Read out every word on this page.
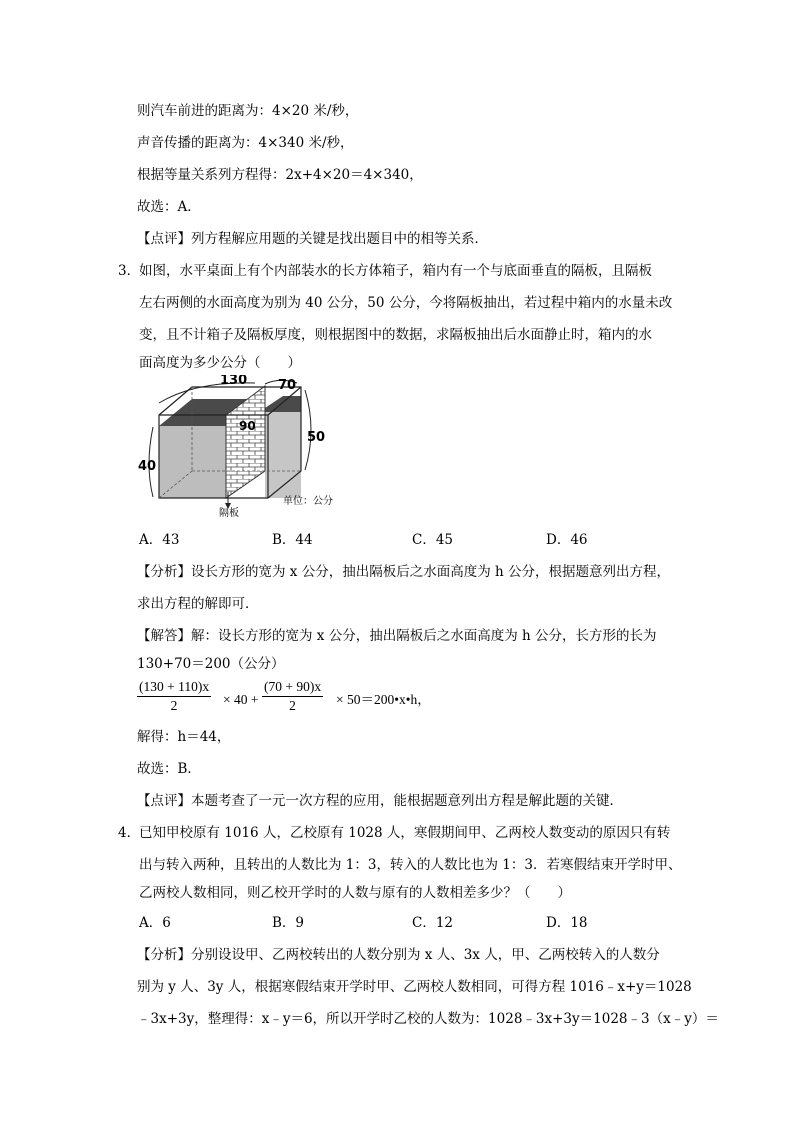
则汽车前进的距离为：4×20 米/秒，
声音传播的距离为：4×340 米/秒，
根据等量关系列方程得：2x+4×20＝4×340，
故选：A．
【点评】列方程解应用题的关键是找出题目中的相等关系．
3．
如图，水平桌面上有个内部装水的长方体箱子，箱内有一个与底面垂直的隔板，且隔板
左右两侧的水面高度为别为 40 公分，50 公分，今将隔板抽出，若过程中箱内的水量未改
变，且不计箱子及隔板厚度，则根据图中的数据，求隔板抽出后水面静止时，箱内的水
面高度为多少公分（　　）
130 70
90
40
50
隔板
单位：公分
A．43	B．44	C．45	D．46
【分析】设长方形的宽为 x 公分，抽出隔板后之水面高度为 h 公分，根据题意列出方程，
求出方程的解即可．
【解答】解：设长方形的宽为 x 公分，抽出隔板后之水面高度为 h 公分，长方形的长为
130+70＝200（公分）
$\frac{(130 + 110)x}{2} \times 40 + \frac{(70 + 90)x}{2}$ × 50＝200•x•h，
解得：h＝44，
故选：B．
【点评】本题考查了一元一次方程的应用，能根据题意列出方程是解此题的关键．
4．
已知甲校原有 1016 人，乙校原有 1028 人，寒假期间甲、乙两校人数变动的原因只有转
出与转入两种，且转出的人数比为 1：3，转入的人数比也为 1：3．若寒假结束开学时甲、
乙两校人数相同，则乙校开学时的人数与原有的人数相差多少？（　　）
A．6	B．9	C．12	D．18
【分析】分别设设甲、乙两校转出的人数分别为 x 人、3x 人，甲、乙两校转入的人数分
别为 y 人、3y 人，根据寒假结束开学时甲、乙两校人数相同，可得方程 1016﹣x+y＝1028
﹣3x+3y，整理得：x﹣y＝6，所以开学时乙校的人数为：1028﹣3x+3y＝1028﹣3（x﹣y）＝
